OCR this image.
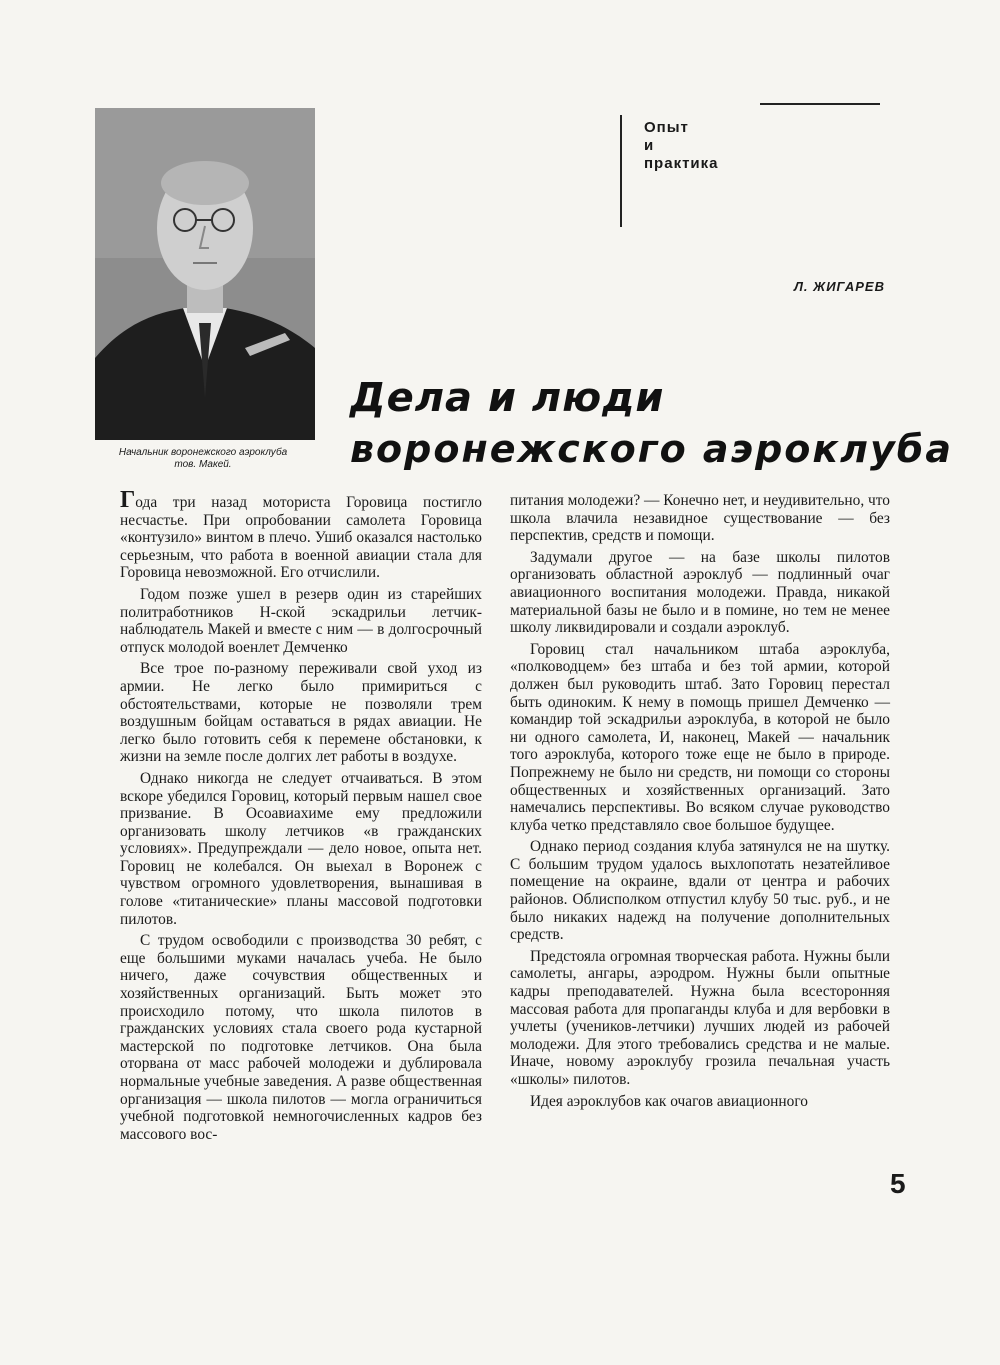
Начальник воронежского аэроклуба
тов. Макей.
Опыт
и
практика
Л. ЖИГАРЕВ
Дела и люди
воронежского аэроклуба

Года три назад моториста Горовица постигло несчастье. При опробовании самолета Горовица «контузило» винтом в плечо. Ушиб оказался настолько серьезным, что работа в военной авиации стала для Горовица невозможной. Его отчислили.

Годом позже ушел в резерв один из старейших политработников Н-ской эскадрильи летчик-наблюдатель Макей и вместе с ним — в долгосрочный отпуск молодой военлет Демченко

Все трое по-разному переживали свой уход из армии. Не легко было примириться с обстоятельствами, которые не позволяли трем воздушным бойцам оставаться в рядах авиации. Не легко было готовить себя к перемене обстановки, к жизни на земле после долгих лет работы в воздухе.

Однако никогда не следует отчаиваться. В этом вскоре убедился Горовиц, который первым нашел свое призвание. В Осоавиахиме ему предложили организовать школу летчиков «в гражданских условиях». Предупреждали — дело новое, опыта нет. Горовиц не колебался. Он выехал в Воронеж с чувством огромного удовлетворения, вынашивая в голове «титанические» планы массовой подготовки пилотов.

С трудом освободили с производства 30 ребят, с еще большими муками началась учеба. Не было ничего, даже сочувствия общественных и хозяйственных организаций. Быть может это происходило потому, что школа пилотов в гражданских условиях стала своего рода кустарной мастерской по подготовке летчиков. Она была оторвана от масс рабочей молодежи и дублировала нормальные учебные заведения. А разве общественная организация — школа пилотов — могла ограничиться учебной подготовкой немногочисленных кадров без массового вос-

питания молодежи? — Конечно нет, и неудивительно, что школа влачила незавидное существование — без перспектив, средств и помощи.

Задумали другое — на базе школы пилотов организовать областной аэроклуб — подлинный очаг авиационного воспитания молодежи. Правда, никакой материальной базы не было и в помине, но тем не менее школу ликвидировали и создали аэроклуб.

Горовиц стал начальником штаба аэроклуба, «полководцем» без штаба и без той армии, которой должен был руководить штаб. Зато Горовиц перестал быть одиноким. К нему в помощь пришел Демченко — командир той эскадрильи аэроклуба, в которой не было ни одного самолета, И, наконец, Макей — начальник того аэроклуба, которого тоже еще не было в природе. Попрежнему не было ни средств, ни помощи со стороны общественных и хозяйственных организаций. Зато намечались перспективы. Во всяком случае руководство клуба четко представляло свое большое будущее.

Однако период создания клуба затянулся не на шутку. С большим трудом удалось выхлопотать незатейливое помещение на окраине, вдали от центра и рабочих районов. Облисполком отпустил клубу 50 тыс. руб., и не было никаких надежд на получение дополнительных средств.

Предстояла огромная творческая работа. Нужны были самолеты, ангары, аэродром. Нужны были опытные кадры преподавателей. Нужна была всесторонняя массовая работа для пропаганды клуба и для вербовки в учлеты (учеников-летчики) лучших людей из рабочей молодежи. Для этого требовались средства и не малые. Иначе, новому аэроклубу грозила печальная участь «школы» пилотов.

Идея аэроклубов как очагов авиационного

5
